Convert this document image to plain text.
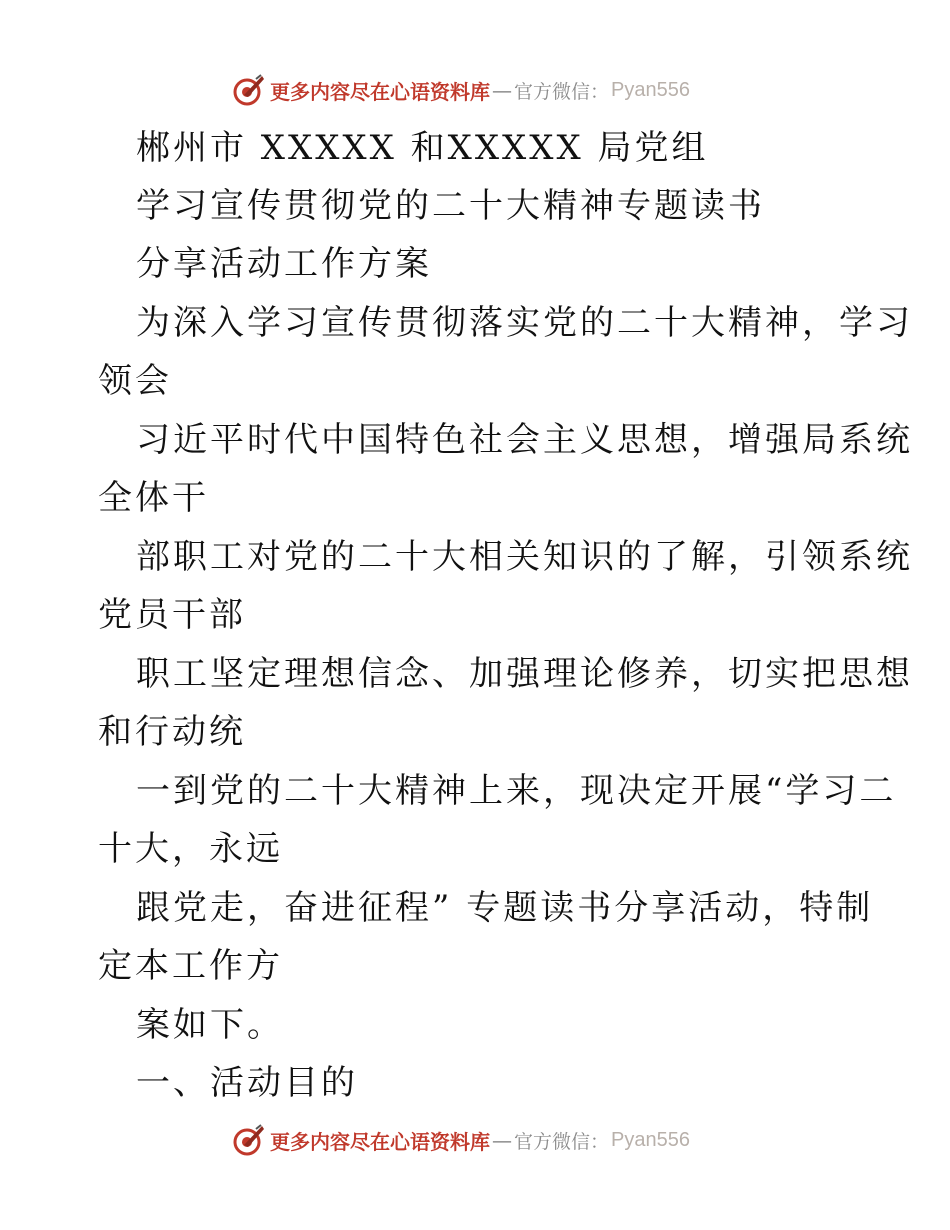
更多内容尽在心语资料库 — 官方微信： Pyan556
郴州市 XXXXX 和XXXXX 局党组
学习宣传贯彻党的二十大精神专题读书
分享活动工作方案
为深入学习宣传贯彻落实党的二十大精神，学习
领会
习近平时代中国特色社会主义思想，增强局系统
全体干
部职工对党的二十大相关知识的了解，引领系统
党员干部
职工坚定理想信念、加强理论修养，切实把思想
和行动统
一到党的二十大精神上来，现决定开展“学习二
十大，永远
跟党走，奋进征程” 专题读书分享活动，特制
定本工作方
案如下。
一、活动目的
更多内容尽在心语资料库 — 官方微信： Pyan556
